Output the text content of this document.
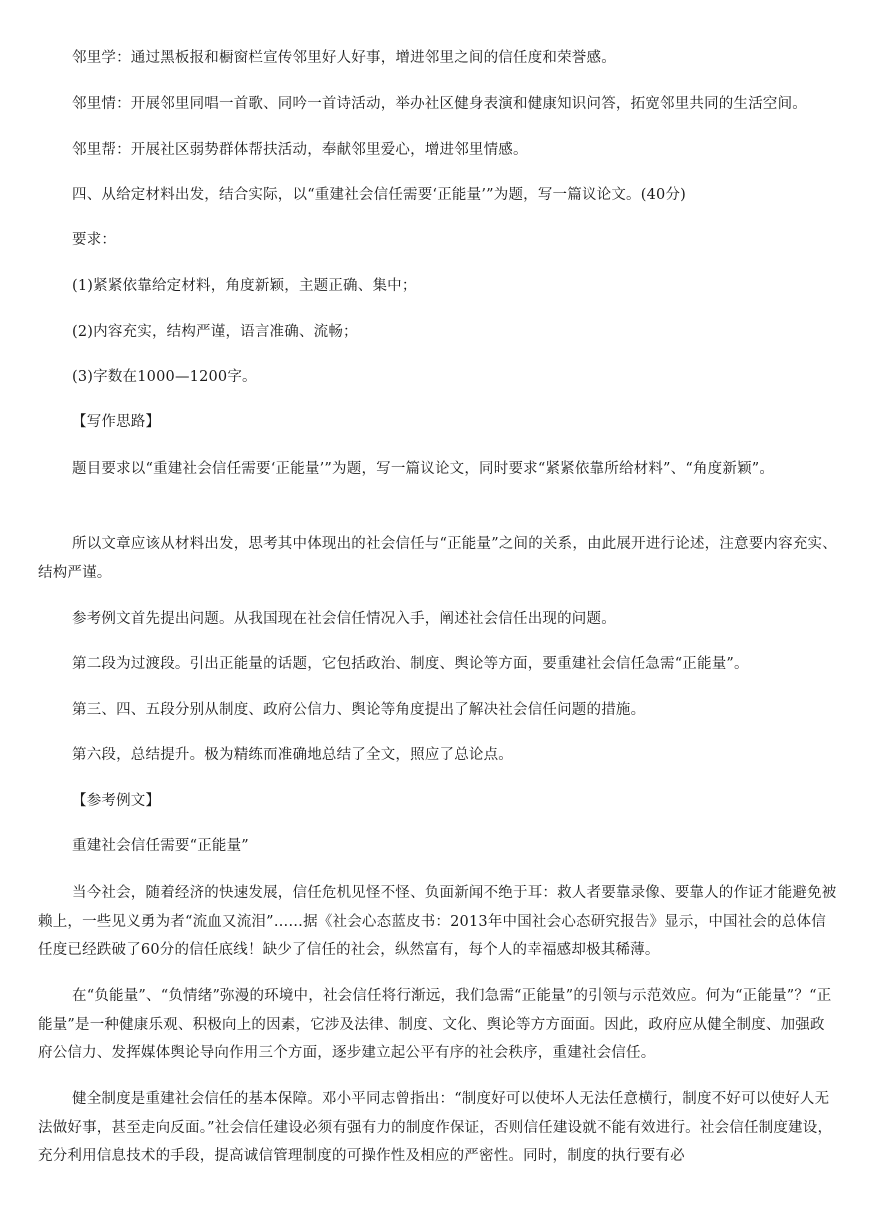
邻里学：通过黑板报和橱窗栏宣传邻里好人好事，增进邻里之间的信任度和荣誉感。

邻里情：开展邻里同唱一首歌、同吟一首诗活动，举办社区健身表演和健康知识问答，拓宽邻里共同的生活空间。

邻里帮：开展社区弱势群体帮扶活动，奉献邻里爱心，增进邻里情感。

四、从给定材料出发，结合实际，以“重建社会信任需要‘正能量’”为题，写一篇议论文。(40分)

要求：

(1)紧紧依靠给定材料，角度新颖，主题正确、集中；

(2)内容充实，结构严谨，语言准确、流畅；

(3)字数在1000—1200字。

【写作思路】

题目要求以“重建社会信任需要‘正能量’”为题，写一篇议论文，同时要求“紧紧依靠所给材料”、“角度新颖”。

所以文章应该从材料出发，思考其中体现出的社会信任与“正能量”之间的关系，由此展开进行论述，注意要内容充实、结构严谨。

参考例文首先提出问题。从我国现在社会信任情况入手，阐述社会信任出现的问题。

第二段为过渡段。引出正能量的话题，它包括政治、制度、舆论等方面，要重建社会信任急需“正能量”。

第三、四、五段分别从制度、政府公信力、舆论等角度提出了解决社会信任问题的措施。

第六段，总结提升。极为精练而准确地总结了全文，照应了总论点。

【参考例文】

重建社会信任需要“正能量”

当今社会，随着经济的快速发展，信任危机见怪不怪、负面新闻不绝于耳：救人者要靠录像、要靠人的作证才能避免被赖上，一些见义勇为者“流血又流泪”……据《社会心态蓝皮书：2013年中国社会心态研究报告》显示，中国社会的总体信任度已经跌破了60分的信任底线！缺少了信任的社会，纵然富有，每个人的幸福感却极其稀薄。

在“负能量”、“负情绪”弥漫的环境中，社会信任将行渐远，我们急需“正能量”的引领与示范效应。何为“正能量”？“正能量”是一种健康乐观、积极向上的因素，它涉及法律、制度、文化、舆论等方方面面。因此，政府应从健全制度、加强政府公信力、发挥媒体舆论导向作用三个方面，逐步建立起公平有序的社会秩序，重建社会信任。

健全制度是重建社会信任的基本保障。邓小平同志曾指出：“制度好可以使坏人无法任意横行，制度不好可以使好人无法做好事，甚至走向反面。”社会信任建设必须有强有力的制度作保证，否则信任建设就不能有效进行。社会信任制度建设，充分利用信息技术的手段，提高诚信管理制度的可操作性及相应的严密性。同时，制度的执行要有必
